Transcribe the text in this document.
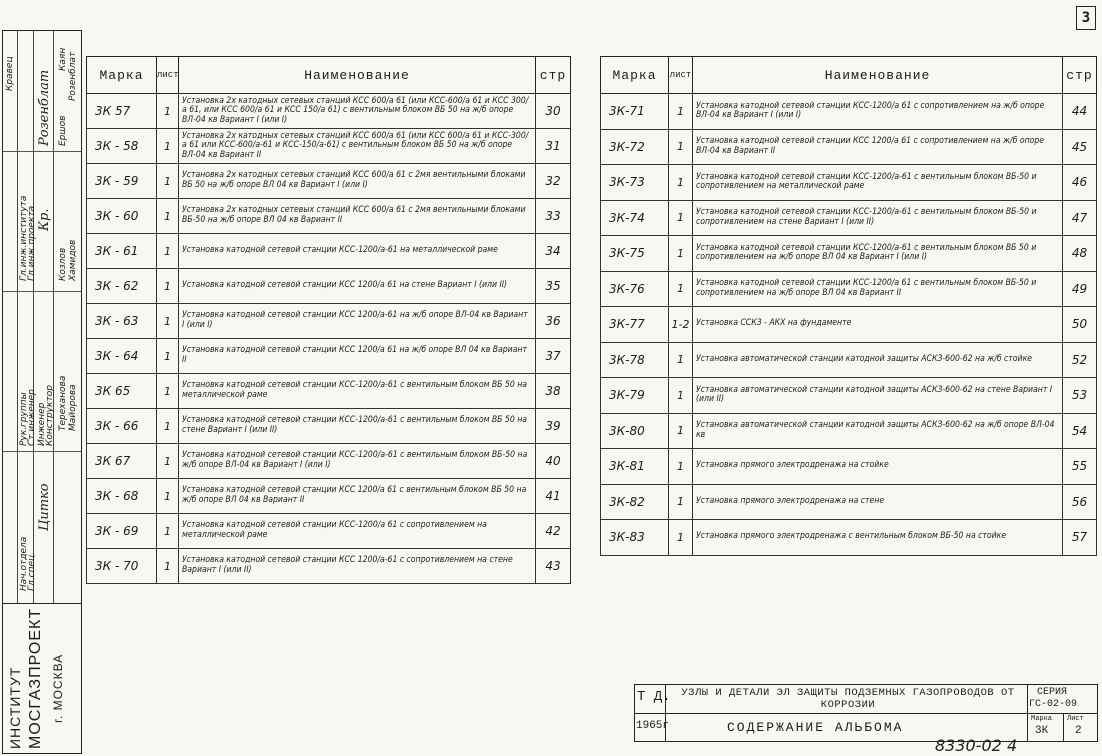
3
Кравец	Каян Розенблат
Ершов
Козлов Хамидов
Тереханова Майорова
Гл.инж.института
Гл.инж.проекта
Нач.отдела
Гл.спец.
Рук.группы
Ст.инженер Инженер
Конструктор
Кр.
Цитко
Розенблат
ИНСТИТУТ МОСГАЗПРОЕКТ г. МОСКВА
Марка	лист	Наименование	стр
3К 57	1	Установка 2х катодных сетевых станций КСС 600/а 61 (или КСС-600/а 61 и КСС 300/а 61, или КСС 600/а 61 и КСС 150/а 61) с вентильным блоком ВБ 50 на ж/б опоре ВЛ-04 кв Вариант I (или I)	30
3К - 58	1	Установка 2х катодных сетевых станций КСС 600/а 61 (или КСС 600/а 61 и КСС-300/а 61 или КСС-600/а-61 и КСС-150/а-61) с вентильным блоком ВБ 50 на ж/б опоре ВЛ-04 кв Вариант II	31
3К - 59	1	Установка 2х катодных сетевых станций КСС 600/а 61 с 2мя вентильными блоками ВБ 50 на ж/б опоре ВЛ 04 кв Вариант I (или I)	32
3К - 60	1	Установка 2х катодных сетевых станций КСС 600/а 61 с 2мя вентильными блоками ВБ-50 на ж/б опоре ВЛ 04 кв Вариант II	33
3К - 61	1	Установка катодной сетевой станции КСС-1200/а-61 на металлической раме	34
3К - 62	1	Установка катодной сетевой станции КСС 1200/а 61 на стене Вариант I (или II)	35
3К - 63	1	Установка катодной сетевой станции КСС 1200/а-61 на ж/б опоре ВЛ-04 кв Вариант I (или I)	36
3К - 64	1	Установка катодной сетевой станции КСС 1200/а 61 на ж/б опоре ВЛ 04 кв Вариант II	37
3К 65	1	Установка катодной сетевой станции КСС-1200/а-61 с вентильным блоком ВБ 50 на металлической раме	38
3К - 66	1	Установка катодной сетевой станции КСС-1200/а-61 с вентильным блоком ВБ 50 на стене Вариант I (или II)	39
3К 67	1	Установка катодной сетевой станции КСС-1200/а-61 с вентильным блоком ВБ-50 на ж/б опоре ВЛ-04 кв Вариант I (или I)	40
3К - 68	1	Установка катодной сетевой станции КСС 1200/а 61 с вентильным блоком ВБ 50 на ж/б опоре ВЛ 04 кв Вариант II	41
3К - 69	1	Установка катодной сетевой станции КСС-1200/а 61 с сопротивлением на металлической раме	42
3К - 70	1	Установка катодной сетевой станции КСС 1200/а-61 с сопротивлением на стене Вариант I (или II)	43
Марка	лист	Наименование	стр
3К-71	1	Установка катодной сетевой станции КСС-1200/а 61 с сопротивлением на ж/б опоре ВЛ-04 кв Вариант I (или I)	44
3К-72	1	Установка катодной сетевой станции КСС 1200/а 61 с сопротивлением на ж/б опоре ВЛ-04 кв Вариант II	45
3К-73	1	Установка катодной сетевой станции КСС-1200/а-61 с вентильным блоком ВБ-50 и сопротивлением на металлической раме	46
3К-74	1	Установка катодной сетевой станции КСС-1200/а-61 с вентильным блоком ВБ-50 и сопротивлением на стене Вариант I (или II)	47
3К-75	1	Установка катодной сетевой станции КСС-1200/а-61 с вентильным блоком ВБ 50 и сопротивлением на ж/б опоре ВЛ 04 кв Вариант I (или I)	48
3К-76	1	Установка катодной сетевой станции КСС-1200/а 61 с вентильным блоком ВБ-50 и сопротивлением на ж/б опоре ВЛ 04 кв Вариант II	49
3К-77	1-2	Установка ССКЗ - АКХ на фундаменте	50
3К-78	1	Установка автоматической станции катодной защиты АСКЗ-600-62 на ж/б стойке	52
3К-79	1	Установка автоматической станции катодной защиты АСКЗ-600-62 на стене Вариант I (или II)	53
3К-80	1	Установка автоматической станции катодной защиты АСКЗ-600-62 на ж/б опоре ВЛ-04 кв	54
3К-81	1	Установка прямого электродренажа на стойке	55
3К-82	1	Установка прямого электродренажа на стене	56
3К-83	1	Установка прямого электродренажа с вентильным блоком ВБ-50 на стойке	57
Т Д.
1965г
УЗЛЫ И ДЕТАЛИ ЭЛ ЗАЩИТЫ ПОДЗЕМНЫХ ГАЗОПРОВОДОВ ОТ КОРРОЗИИ
СОДЕРЖАНИЕ АЛЬБОМА
СЕРИЯ
ГС-02-09
Марка
3К
Лист
2
8330-02 4
